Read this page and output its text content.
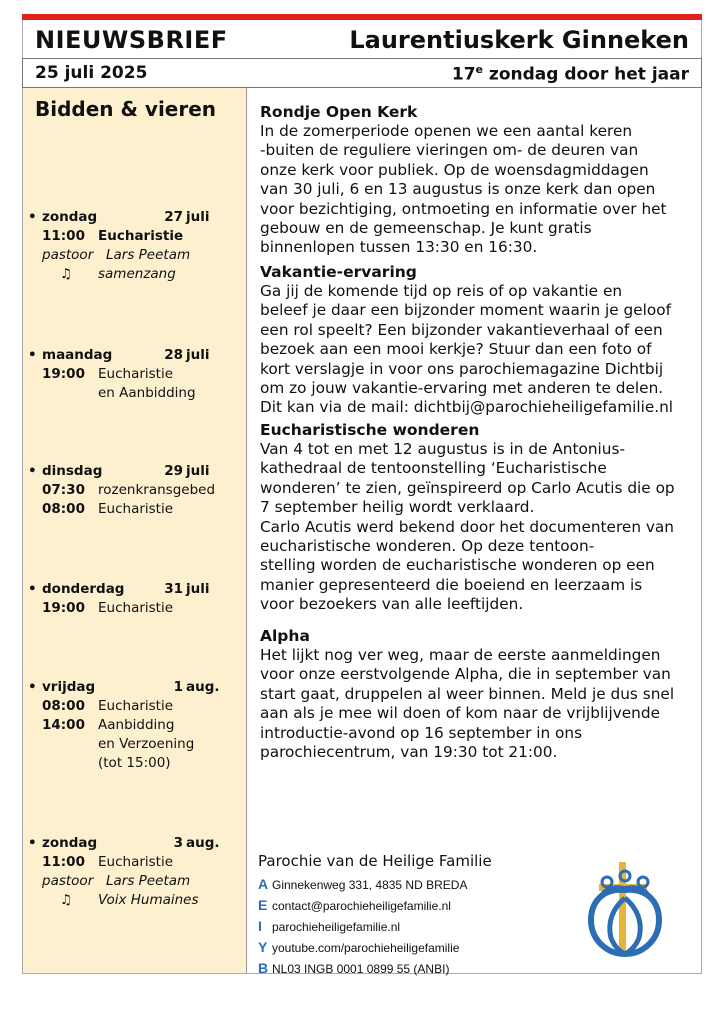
NIEUWSBRIEF	Laurentiuskerk Ginneken
25 juli 2025	17e zondag door het jaar
Bidden & vieren
• zondag	27 juli
11:00 Eucharistie
pastoor Lars Peetam
♫ samenzang
• maandag	28 juli
19:00 Eucharistie
en Aanbidding
• dinsdag	29 juli
07:30 rozenkransgebed
08:00 Eucharistie
• donderdag	31 juli
19:00 Eucharistie
• vrijdag	1 aug.
08:00 Eucharistie
14:00 Aanbidding
en Verzoening
(tot 15:00)
• zondag	3 aug.
11:00 Eucharistie
pastoor Lars Peetam
♫ Voix Humaines
Rondje Open Kerk

In de zomerperiode openen we een aantal keren

-buiten de reguliere vieringen om- de deuren van

onze kerk voor publiek. Op de woensdagmiddagen

van 30 juli, 6 en 13 augustus is onze kerk dan open

voor bezichtiging, ontmoeting en informatie over het

gebouw en de gemeenschap. Je kunt gratis

binnenlopen tussen 13:30 en 16:30.

Vakantie-ervaring

Ga jij de komende tijd op reis of op vakantie en

beleef je daar een bijzonder moment waarin je geloof

een rol speelt? Een bijzonder vakantieverhaal of een

bezoek aan een mooi kerkje? Stuur dan een foto of

kort verslagje in voor ons parochiemagazine Dichtbij

om zo jouw vakantie-ervaring met anderen te delen.

Dit kan via de mail: dichtbij@parochieheiligefamilie.nl

Eucharistische wonderen

Van 4 tot en met 12 augustus is in de Antonius-

kathedraal de tentoonstelling ‘Eucharistische

wonderen’ te zien, geïnspireerd op Carlo Acutis die op

7 september heilig wordt verklaard.

Carlo Acutis werd bekend door het documenteren van

eucharistische wonderen. Op deze tentoon-

stelling worden de eucharistische wonderen op een

manier gepresenteerd die boeiend en leerzaam is

voor bezoekers van alle leeftijden.

Alpha

Het lijkt nog ver weg, maar de eerste aanmeldingen

voor onze eerstvolgende Alpha, die in september van

start gaat, druppelen al weer binnen. Meld je dus snel

aan als je mee wil doen of kom naar de vrijblijvende

introductie-avond op 16 september in ons

parochiecentrum, van 19:30 tot 21:00.

Parochie van de Heilige Familie
A Ginnekenweg 331, 4835 ND BREDA
E contact@parochieheiligefamilie.nl
I parochieheiligefamilie.nl
Y youtube.com/parochieheiligefamilie
B NL03 INGB 0001 0899 55 (ANBI)
